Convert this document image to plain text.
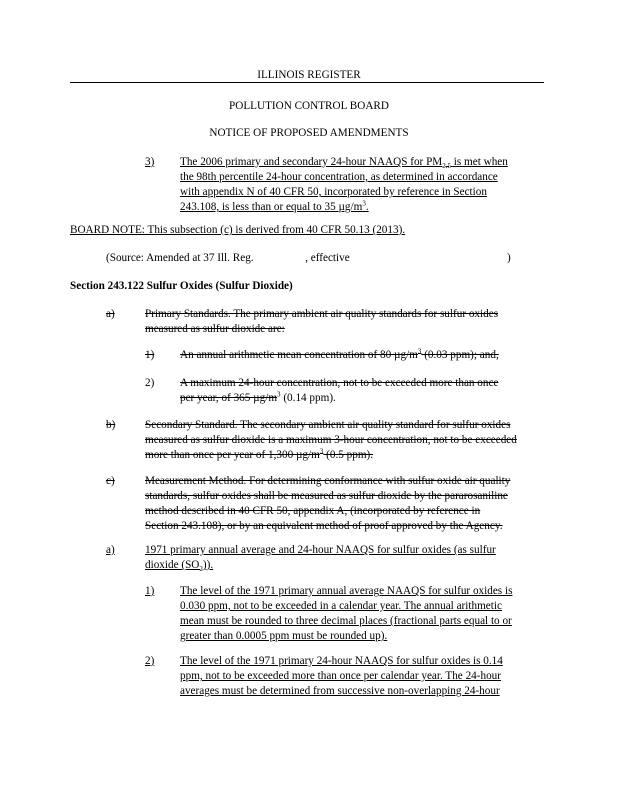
ILLINOIS REGISTER
POLLUTION CONTROL BOARD
NOTICE OF PROPOSED AMENDMENTS
3) The 2006 primary and secondary 24-hour NAAQS for $PM_{2.5}$ is met when
the 98th percentile 24-hour concentration, as determined in accordance
with appendix N of 40 CFR 50, incorporated by reference in Section
243.108, is less than or equal to 35 $\mu g/m^3$.
BOARD NOTE: This subsection (c) is derived from 40 CFR 50.13 (2013).
(Source: Amended at 37 Ill. Reg.	, effective	)
Section 243.122 Sulfur Oxides (Sulfur Dioxide)
a)	Primary Standards. The primary ambient air quality standards for sulfur oxides
measured as sulfur dioxide are:
1) An annual arithmetic mean concentration of 80 $\mu g/m^3$ (0.03 ppm); and,
2) A maximum 24-hour concentration, not to be exceeded more than once
per year, of 365 $\mu g/m^3$ (0.14 ppm).
b)	Secondary Standard. The secondary ambient air quality standard for sulfur oxides
measured as sulfur dioxide is a maximum 3-hour concentration, not to be exceeded
more than once per year of 1,300 $\mu g/m^3$ (0.5 ppm).
c)	Measurement Method. For determining conformance with sulfur oxide air quality
standards, sulfur oxides shall be measured as sulfur dioxide by the pararosaniline
method described in 40 CFR 50, appendix A, (incorporated by reference in
Section 243.108), or by an equivalent method of proof approved by the Agency.
a)	1971 primary annual average and 24-hour NAAQS for sulfur oxides (as sulfur
dioxide $(SO_2)$).
1) The level of the 1971 primary annual average NAAQS for sulfur oxides is
0.030 ppm, not to be exceeded in a calendar year. The annual arithmetic
mean must be rounded to three decimal places (fractional parts equal to or
greater than 0.0005 ppm must be rounded up).
2) The level of the 1971 primary 24-hour NAAQS for sulfur oxides is 0.14
ppm, not to be exceeded more than once per calendar year. The 24-hour
averages must be determined from successive non-overlapping 24-hour
